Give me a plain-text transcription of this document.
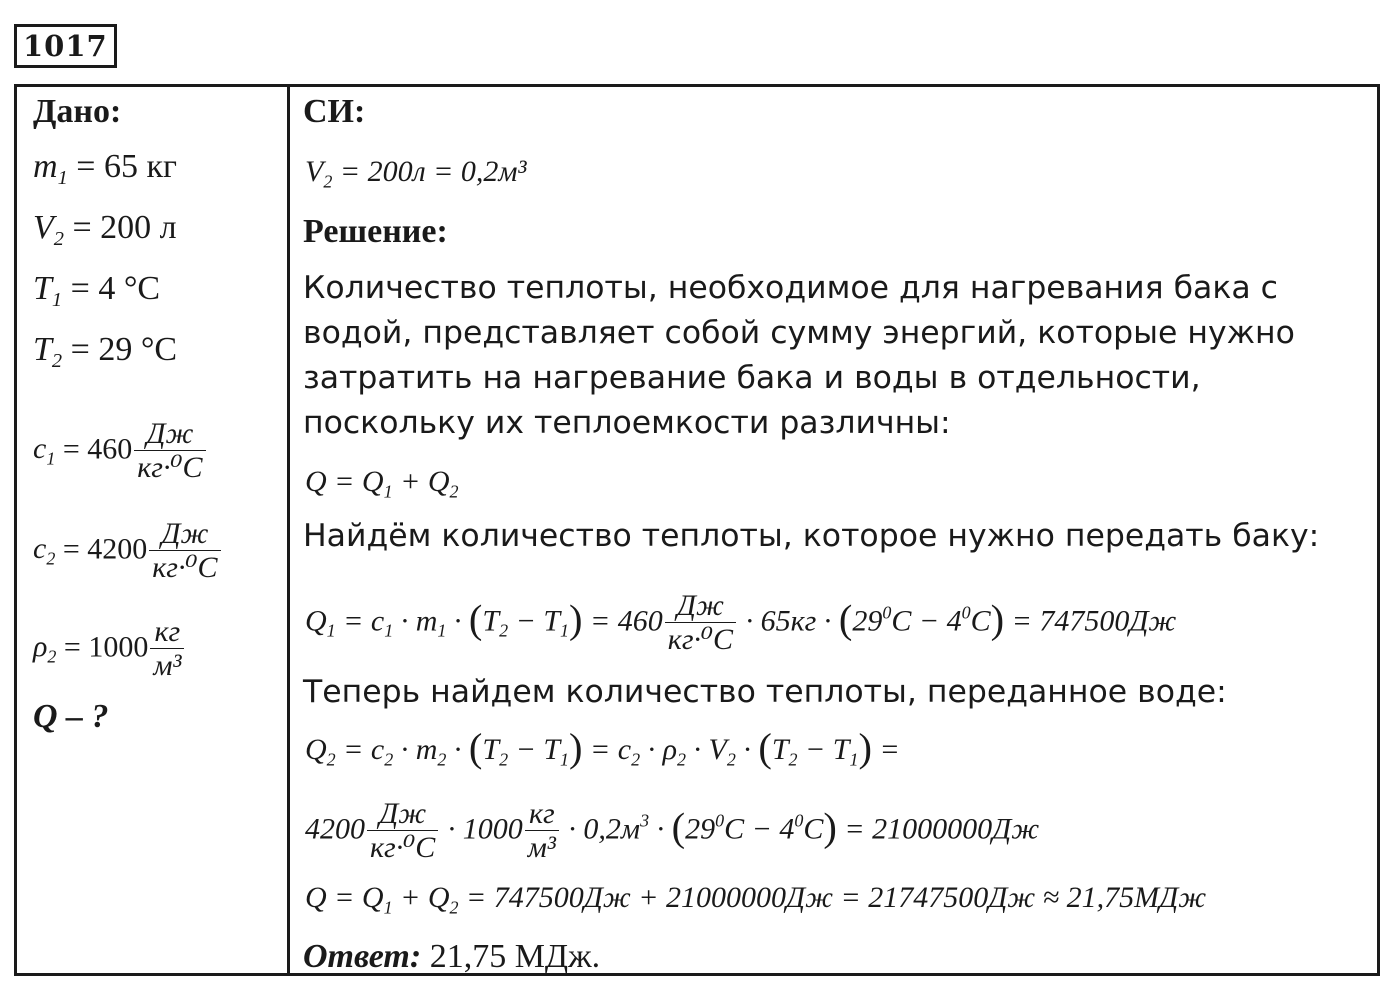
1017
Дано:
$m_1 = 65$ кг
$V_2 = 200$ л
$T_1 = 4$ °С
$T_2 = 29$ °С
$c_1 = 460 \frac{Дж}{\text{кг·⁰С}}$
$c_2 = 4200 \frac{Дж}{\text{кг·⁰С}}$
$\rho_2 = 1000 \frac{кг}{\text{м³}}$
Q – ?
СИ:
$V_2 = 200л = 0,2м^3$
Решение:
Количество теплоты, необходимое для нагревания бака с водой, представляет собой сумму энергий, которые нужно затратить на нагревание бака и воды в отдельности, поскольку их теплоемкости различны:
$Q = Q_1 + Q_2$
Найдём количество теплоты, которое нужно передать баку:
$Q_1 = c_1 \cdot m_1 \cdot (T_2 - T_1) = 460 \frac{Дж}{\text{кг·⁰С}} \cdot 65кг \cdot (29^0C - 4^0C) = 747500Дж$
Теперь найдем количество теплоты, переданное воде:
$Q_2 = c_2 \cdot m_2 \cdot (T_2 - T_1) = c_2 \cdot \rho_2 \cdot V_2 \cdot (T_2 - T_1)$ =
$4200 \frac{Дж}{\text{кг·⁰С}} \cdot 1000 \frac{кг}{\text{м³}} \cdot 0,2м^3 \cdot (29^0C - 4^0C) = 21000000Дж$
$Q = Q_1 + Q_2 = 747500Дж + 21000000Дж = 21747500Дж \approx 21,75МДж$
Ответ: 21,75 МДж.
